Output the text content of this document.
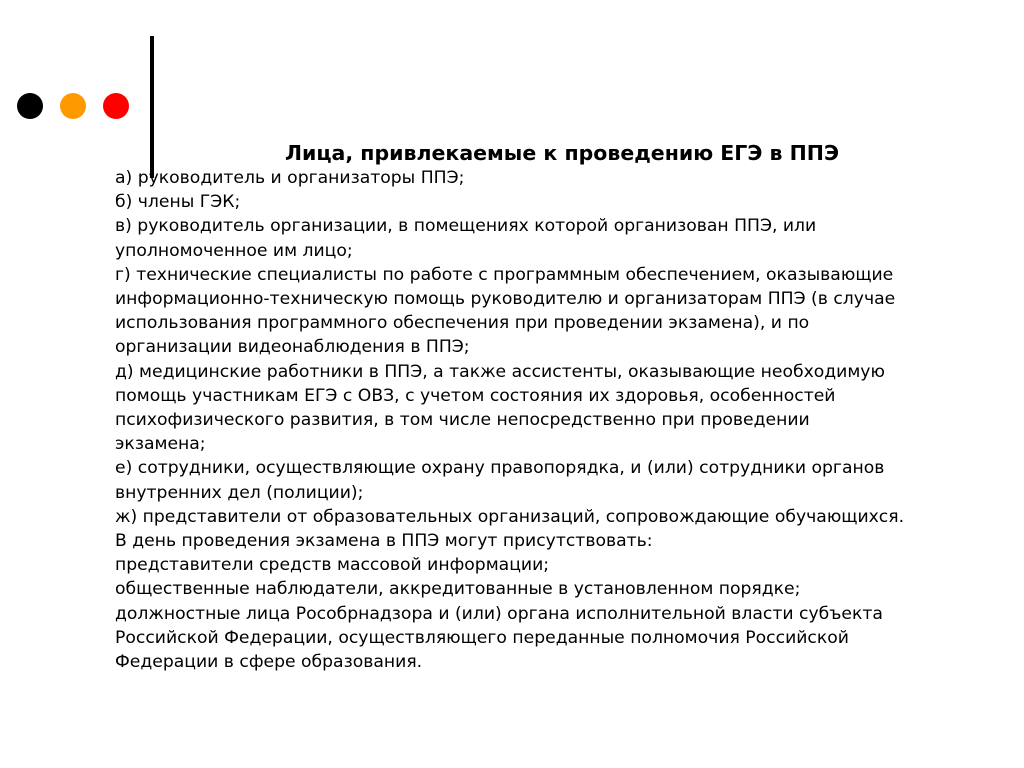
Лица, привлекаемые к проведению ЕГЭ в ППЭ
а) руководитель и организаторы ППЭ;
б) члены ГЭК;
в) руководитель организации, в помещениях которой организован ППЭ, или
уполномоченное им лицо;
г) технические специалисты по работе с программным обеспечением, оказывающие
информационно-техническую помощь руководителю и организаторам ППЭ (в случае
использования программного обеспечения при проведении экзамена), и по
организации видеонаблюдения в ППЭ;
д) медицинские работники в ППЭ, а также ассистенты, оказывающие необходимую
помощь участникам ЕГЭ с ОВЗ, с учетом состояния их здоровья, особенностей
психофизического развития, в том числе непосредственно при проведении
экзамена;
е) сотрудники, осуществляющие охрану правопорядка, и (или) сотрудники органов
внутренних дел (полиции);
ж) представители от образовательных организаций, сопровождающие обучающихся.
В день проведения экзамена в ППЭ могут присутствовать:
представители средств массовой информации;
общественные наблюдатели, аккредитованные в установленном порядке;
должностные лица Рособрнадзора и (или) органа исполнительной власти субъекта
Российской Федерации, осуществляющего переданные полномочия Российской
Федерации в сфере образования.
